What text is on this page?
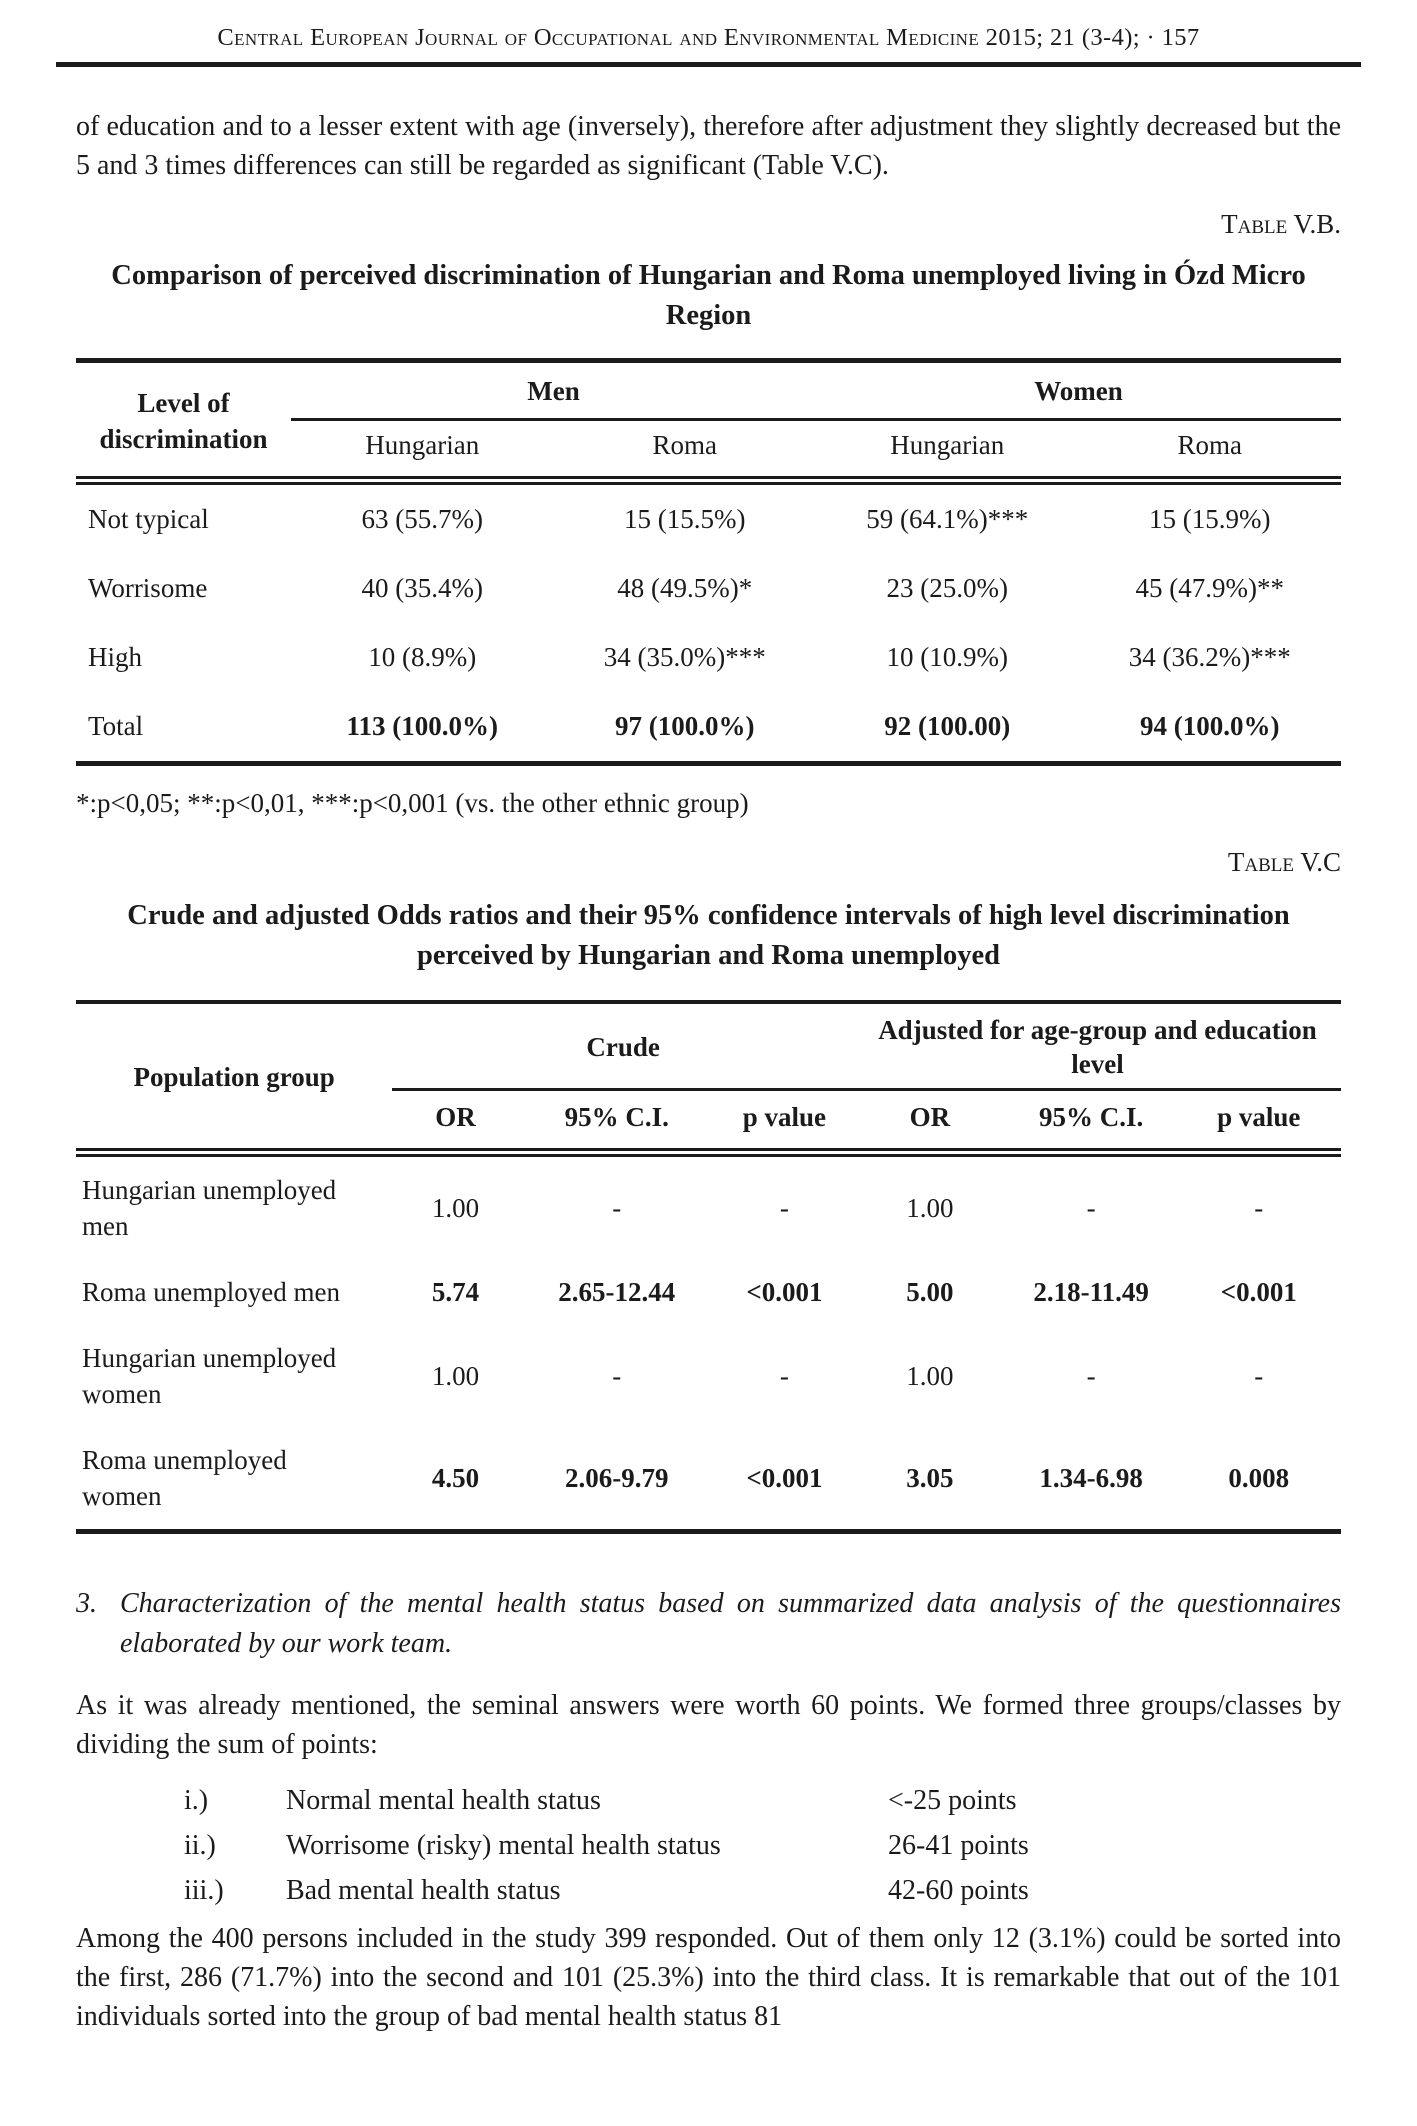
Central European Journal of Occupational and Environmental Medicine 2015; 21 (3-4); · 157

of education and to a lesser extent with age (inversely), therefore after adjustment they slightly decreased but the 5 and 3 times differences can still be regarded as significant (Table V.C).

Table V.B.
Comparison of perceived discrimination of Hungarian and Roma unemployed living in Ózd Micro Region
Level of discrimination	Men		Women	
	Hungarian	Roma	Hungarian	Roma
Not typical	63 (55.7%)	15 (15.5%)	59 (64.1%)***	15 (15.9%)
Worrisome	40 (35.4%)	48 (49.5%)*	23 (25.0%)	45 (47.9%)**
High	10 (8.9%)	34 (35.0%)***	10 (10.9%)	34 (36.2%)***
Total	113 (100.0%)	97 (100.0%)	92 (100.00)	94 (100.0%)
*:p<0,05; **:p<0,01, ***:p<0,001 (vs. the other ethnic group)
Table V.C
Crude and adjusted Odds ratios and their 95% confidence intervals of high level discrimination perceived by Hungarian and Roma unemployed
Population group	Crude			Adjusted for age-group and education level		
	OR	95% C.I.	p value	OR	95% C.I.	p value
Hungarian unemployed men	1.00	-	-	1.00	-	-
Roma unemployed men	5.74	2.65-12.44	<0.001	5.00	2.18-11.49	<0.001
Hungarian unemployed women	1.00	-	-	1.00	-	-
Roma unemployed women	4.50	2.06-9.79	<0.001	3.05	1.34-6.98	0.008
3. Characterization of the mental health status based on summarized data analysis of the questionnaires elaborated by our work team.

As it was already mentioned, the seminal answers were worth 60 points. We formed three groups/classes by dividing the sum of points:

i.)	Normal mental health status	<-25 points
ii.)	Worrisome (risky) mental health status	26-41 points
iii.)	Bad mental health status	42-60 points

Among the 400 persons included in the study 399 responded. Out of them only 12 (3.1%) could be sorted into the first, 286 (71.7%) into the second and 101 (25.3%) into the third class. It is remarkable that out of the 101 individuals sorted into the group of bad mental health status 81
